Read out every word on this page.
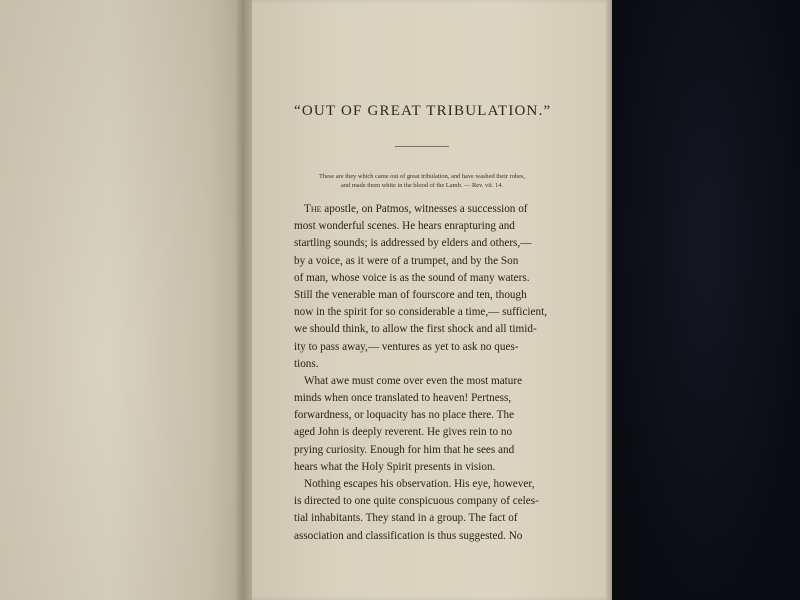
“OUT OF GREAT TRIBULATION.”
These are they which came out of great tribulation, and have washed their robes,
and made them white in the blood of the Lamb. — Rev. vii. 14.
The apostle, on Patmos, witnesses a succession of
most wonderful scenes. He hears enrapturing and
startling sounds; is addressed by elders and others,—
by a voice, as it were of a trumpet, and by the Son
of man, whose voice is as the sound of many waters.
Still the venerable man of fourscore and ten, though
now in the spirit for so considerable a time,— sufficient,
we should think, to allow the first shock and all timid-
ity to pass away,— ventures as yet to ask no ques-
tions.
What awe must come over even the most mature
minds when once translated to heaven! Pertness,
forwardness, or loquacity has no place there. The
aged John is deeply reverent. He gives rein to no
prying curiosity. Enough for him that he sees and
hears what the Holy Spirit presents in vision.
Nothing escapes his observation. His eye, however,
is directed to one quite conspicuous company of celes-
tial inhabitants. They stand in a group. The fact of
association and classification is thus suggested. No
